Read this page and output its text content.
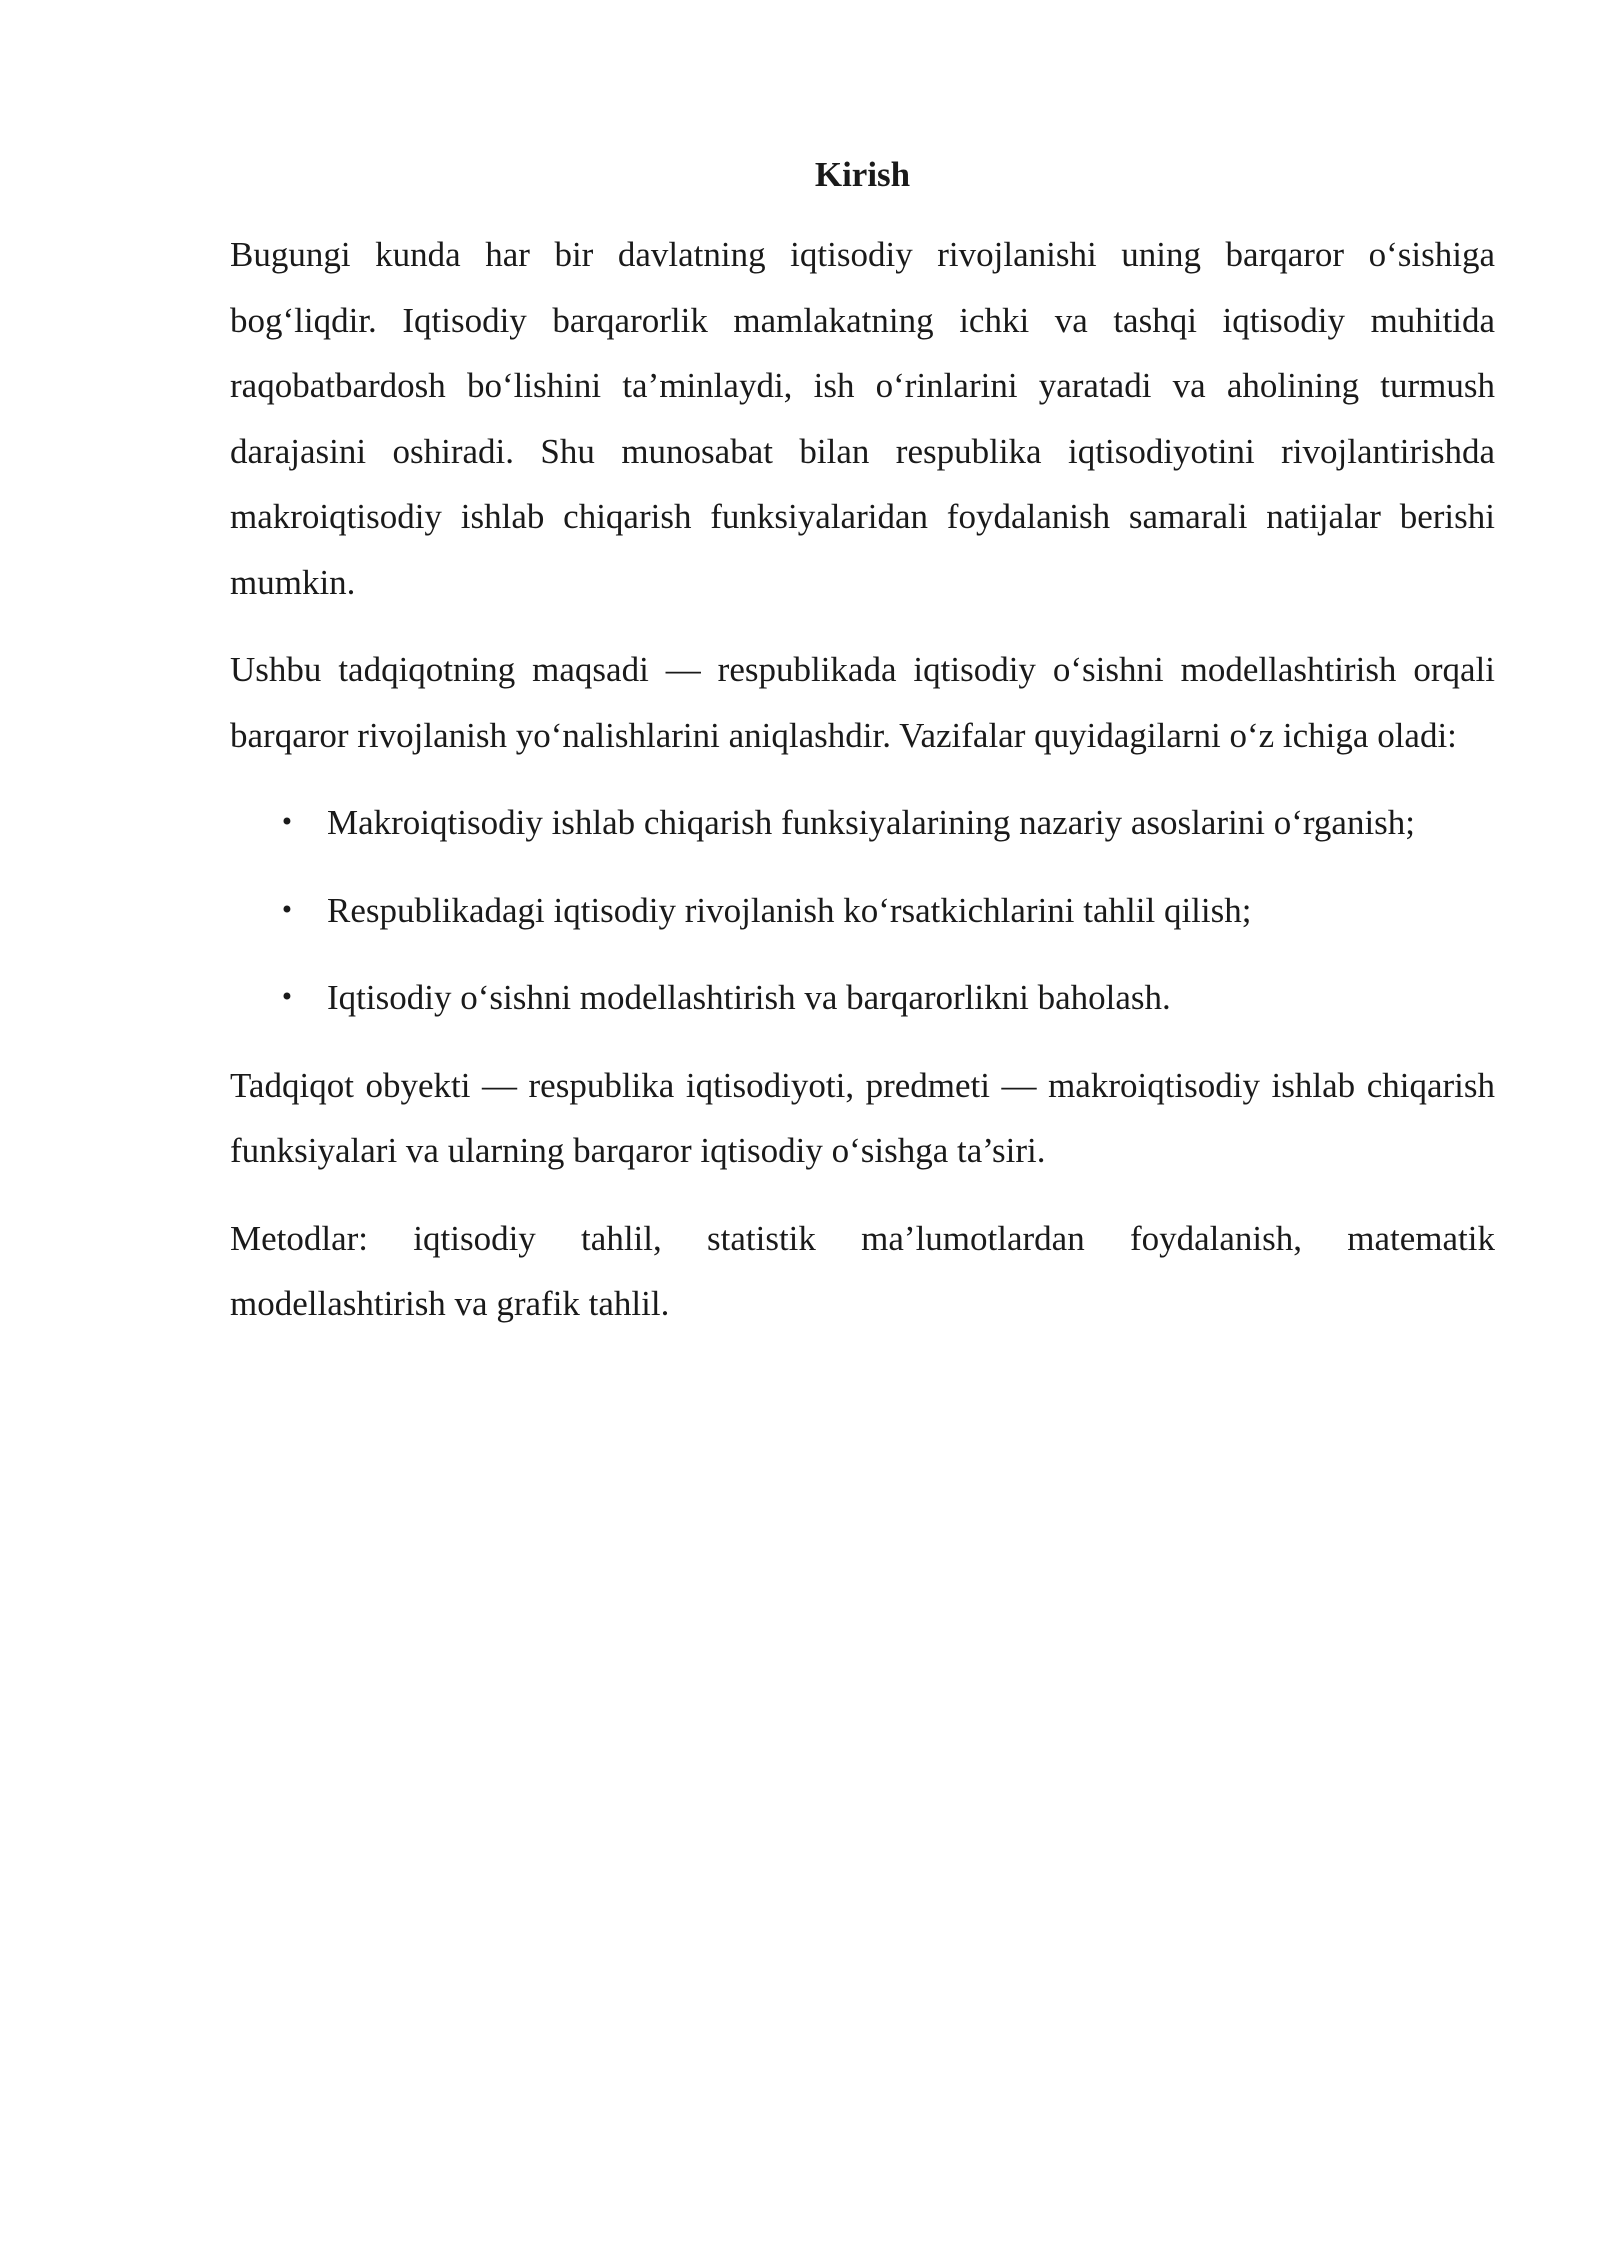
Kirish

Bugungi kunda har bir davlatning iqtisodiy rivojlanishi uning barqaror o‘sishiga bog‘liqdir. Iqtisodiy barqarorlik mamlakatning ichki va tashqi iqtisodiy muhitida raqobatbardosh bo‘lishini ta’minlaydi, ish o‘rinlarini yaratadi va aholining turmush darajasini oshiradi. Shu munosabat bilan respublika iqtisodiyotini rivojlantirishda makroiqtisodiy ishlab chiqarish funksiyalaridan foydalanish samarali natijalar berishi mumkin.

Ushbu tadqiqotning maqsadi — respublikada iqtisodiy o‘sishni modellashtirish orqali barqaror rivojlanish yo‘nalishlarini aniqlashdir. Vazifalar quyidagilarni o‘z ichiga oladi:

• Makroiqtisodiy ishlab chiqarish funksiyalarining nazariy asoslarini o‘rganish;
• Respublikadagi iqtisodiy rivojlanish ko‘rsatkichlarini tahlil qilish;
• Iqtisodiy o‘sishni modellashtirish va barqarorlikni baholash.

Tadqiqot obyekti — respublika iqtisodiyoti, predmeti — makroiqtisodiy ishlab chiqarish funksiyalari va ularning barqaror iqtisodiy o‘sishga ta’siri.

Metodlar: iqtisodiy tahlil, statistik ma’lumotlardan foydalanish, matematik modellashtirish va grafik tahlil.
